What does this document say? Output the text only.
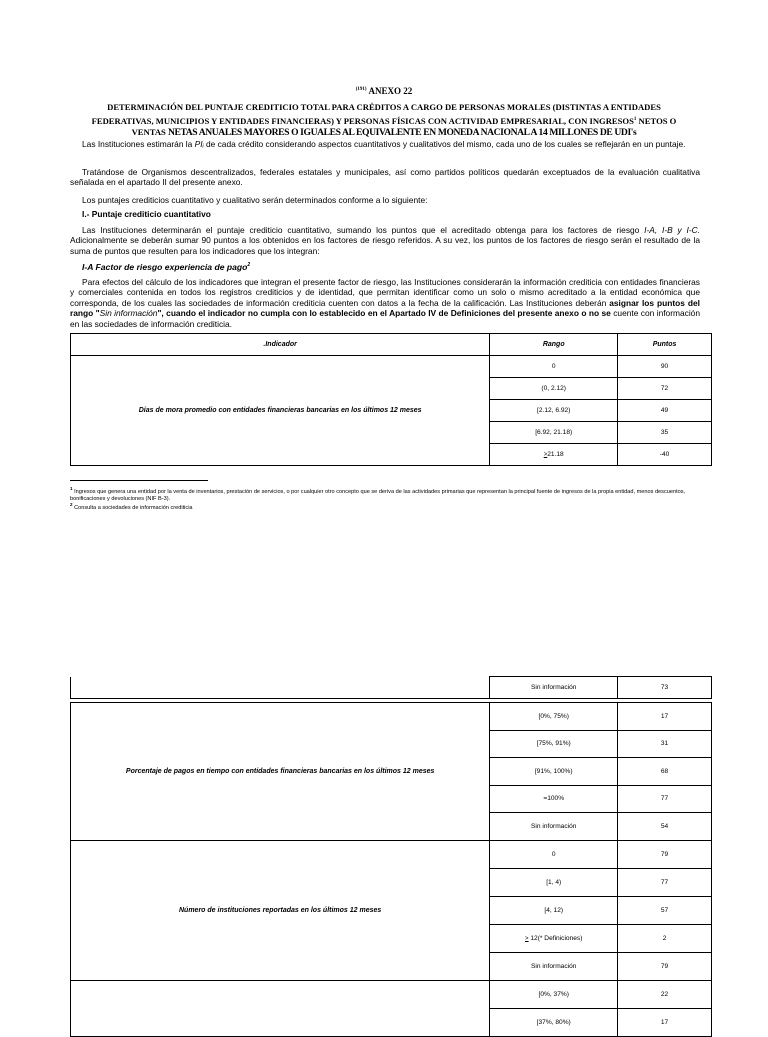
$^{(191)}$ ANEXO 22
DETERMINACIÓN DEL PUNTAJE CREDITICIO TOTAL PARA CRÉDITOS A CARGO DE PERSONAS MORALES (DISTINTAS A ENTIDADES FEDERATIVAS, MUNICIPIOS Y ENTIDADES FINANCIERAS) Y PERSONAS FÍSICAS CON ACTIVIDAD EMPRESARIAL, CON INGRESOS$^1$ NETOS O VENTAS NETAS ANUALES MAYORES O IGUALES AL EQUIVALENTE EN MONEDA NACIONAL A 14 MILLONES DE UDI's
Las Instituciones estimarán la PIᵢ de cada crédito considerando aspectos cuantitativos y cualitativos del mismo, cada uno de los cuales se reflejarán en un puntaje.
Tratándose de Organismos descentralizados, federales estatales y municipales, así como partidos políticos quedarán exceptuados de la evaluación cualitativa señalada en el apartado II del presente anexo.
Los puntajes crediticios cuantitativo y cualitativo serán determinados conforme a lo siguiente:
I.- Puntaje crediticio cuantitativo
Las Instituciones determinarán el puntaje crediticio cuantitativo, sumando los puntos que el acreditado obtenga para los factores de riesgo I-A, I-B y I-C. Adicionalmente se deberán sumar 90 puntos a los obtenidos en los factores de riesgo referidos. A su vez, los puntos de los factores de riesgo serán el resultado de la suma de puntos que resulten para los indicadores que los integran:
I-A Factor de riesgo experiencia de pago$^2$
Para efectos del cálculo de los indicadores que integran el presente factor de riesgo, las Instituciones considerarán la información crediticia con entidades financieras y comerciales contenida en todos los registros crediticios y de identidad, que permitan identificar como un solo o mismo acreditado a la entidad económica que corresponda, de los cuales las sociedades de información crediticia cuenten con datos a la fecha de la calificación. Las Instituciones deberán asignar los puntos del rango "Sin información", cuando el indicador no cumpla con lo establecido en el Apartado IV de Definiciones del presente anexo o no se cuente con información en las sociedades de información crediticia.
.Indicador	Rango	Puntos
Días de mora promedio con entidades financieras bancarias en los últimos 12 meses	0	90
	(0, 2.12)	72
	[2.12, 6.92)	49
	[6.92, 21.18)	35
	≥21.18	-40
$^1$ Ingresos que genera una entidad por la venta de inventarios, prestación de servicios, o por cualquier otro concepto que se deriva de las actividades primarias que representan la principal fuente de ingresos de la propia entidad, menos descuentos, bonificaciones y devoluciones (NIF B-3).
$^2$ Consulta a sociedades de información crediticia
	Sin información	73

Porcentaje de pagos en tiempo con entidades financieras bancarias en los últimos 12 meses	[0%, 75%)	17
	[75%, 91%)	31
	[91%, 100%)	68
	=100%	77
	Sin información	54
Número de instituciones reportadas en los últimos 12 meses	0	79
	[1, 4)	77
	[4, 12)	57
	≥ 12(* Definiciones)	2
	Sin información	79
	[0%, 37%)	22
	[37%, 80%)	17
